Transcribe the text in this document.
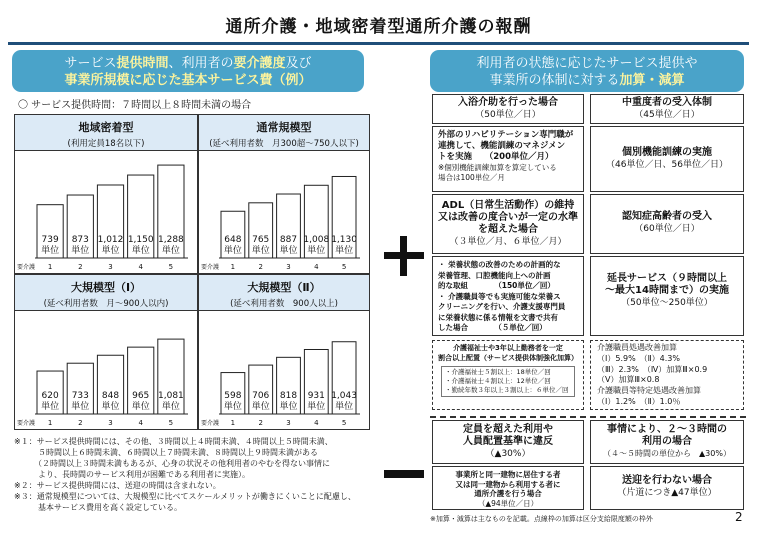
通所介護・地域密着型通所介護の報酬
サービス提供時間、利用者の要介護度及び
事業所規模に応じた基本サービス費（例）
利用者の状態に応じたサービス提供や
事業所の体制に対する加算・減算
〇 サービス提供時間：７時間以上８時間未満の場合
地域密着型
(利用定員18名以下)
739
単位
1
873
単位
2
1,012
単位
3
1,150
単位
4
1,288
単位
5
要介護
通常規模型
(延べ利用者数　月300超～750人以下)
648
単位
1
765
単位
2
887
単位
3
1,008
単位
4
1,130
単位
5
要介護
大規模型（Ⅰ）
(延べ利用者数　月～900人以内)
620
単位
1
733
単位
2
848
単位
3
965
単位
4
1,081
単位
5
要介護
大規模型（Ⅱ）
(延べ利用者数　900人以上)
598
単位
1
706
単位
2
818
単位
3
931
単位
4
1,043
単位
5
要介護

※１：サービス提供時間には、その他、３時間以上４時間未満、４時間以上５時間未満、

　　　５時間以上６時間未満、６時間以上７時間未満、８時間以上９時間未満がある

　　　（２時間以上３時間未満もあるが、心身の状況その他利用者のやむを得ない事情に

　　　より、長時間のサービス利用が困難である利用者に実施）。

※２：サービス提供時間には、送迎の時間は含まれない。

※３：通常規模型については、大規模型に比べてスケールメリットが働きにくいことに配慮し、

　　　基本サービス費用を高く設定している。

入浴介助を行った場合
（50単位／日）
中重度者の受入体制
（45単位／日）
外部のリハビリテーション専門職が
連携して、機能訓練のマネジメン
トを実施　　（200単位／月）
※個別機能訓練加算を算定している
場合は100単位／月
個別機能訓練の実施
（46単位／日、56単位／日）
ADL（日常生活動作）の維持
又は改善の度合いが一定の水準
を超えた場合
（３単位／月、６単位／月）
認知症高齢者の受入
（60単位／日）
・ 栄養状態の改善のための計画的な
栄養管理、口腔機能向上への計画
的な取組　　　　（150単位／回）
・ 介護職員等でも実施可能な栄養ス
クリーニングを行い、介護支援専門員
に栄養状態に係る情報を文書で共有
した場合　　　　（５単位／回）
延長サービス（９時間以上
～最大14時間まで）の実施
（50単位～250単位）
介護福祉士や3年以上勤務者を一定
割合以上配置（サービス提供体制強化加算）
・介護福祉士５割以上：18単位／回
・介護福祉士４割以上：12単位／回
・勤続年数３年以上３割以上：６単位／回
介護職員処遇改善加算
（Ⅰ）5.9%　（Ⅱ）4.3%
（Ⅲ）2.3%　（Ⅳ）加算Ⅲ×0.9
（Ⅴ）加算Ⅲ×0.8
介護職員等特定処遇改善加算
（Ⅰ）1.2%　（Ⅱ）1.0％
定員を超えた利用や
人員配置基準に違反
（▲30%）
事情により、２～３時間の
利用の場合
（４～５時間の単位から　▲30%）
事業所と同一建物に居住する者
又は同一建物から利用する者に
通所介護を行う場合
（▲94単位／日）
送迎を行わない場合
（片道につき▲47単位）
※加算・減算は主なものを記載。点線枠の加算は区分支給限度額の枠外	2
